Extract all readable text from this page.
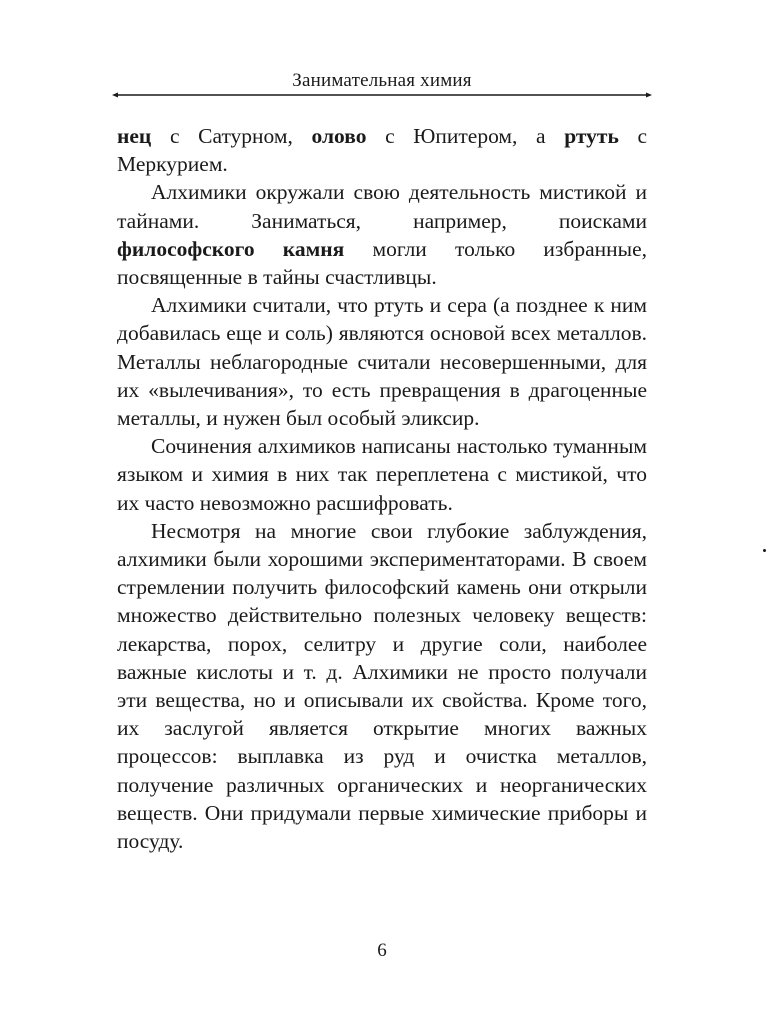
Занимательная химия

нец с Сатурном, олово с Юпитером, а ртуть с Меркурием.

Алхимики окружали свою деятельность мистикой и тайнами. Заниматься, например, поисками философского камня могли только избранные, посвященные в тайны счастливцы.

Алхимики считали, что ртуть и сера (а позднее к ним добавилась еще и соль) являются основой всех металлов. Металлы неблагородные считали несовершенными, для их «вылечивания», то есть превращения в драгоценные металлы, и нужен был особый эликсир.

Сочинения алхимиков написаны настолько туманным языком и химия в них так переплетена с мистикой, что их часто невозможно расшифровать.

Несмотря на многие свои глубокие заблуждения, алхимики были хорошими экспериментаторами. В своем стремлении получить философский камень они открыли множество действительно полезных человеку веществ: лекарства, порох, селитру и другие соли, наиболее важные кислоты и т. д. Алхимики не просто получали эти вещества, но и описывали их свойства. Кроме того, их заслугой является открытие многих важных процессов: выплавка из руд и очистка металлов, получение различных органических и неорганических веществ. Они придумали первые химические приборы и посуду.

6
